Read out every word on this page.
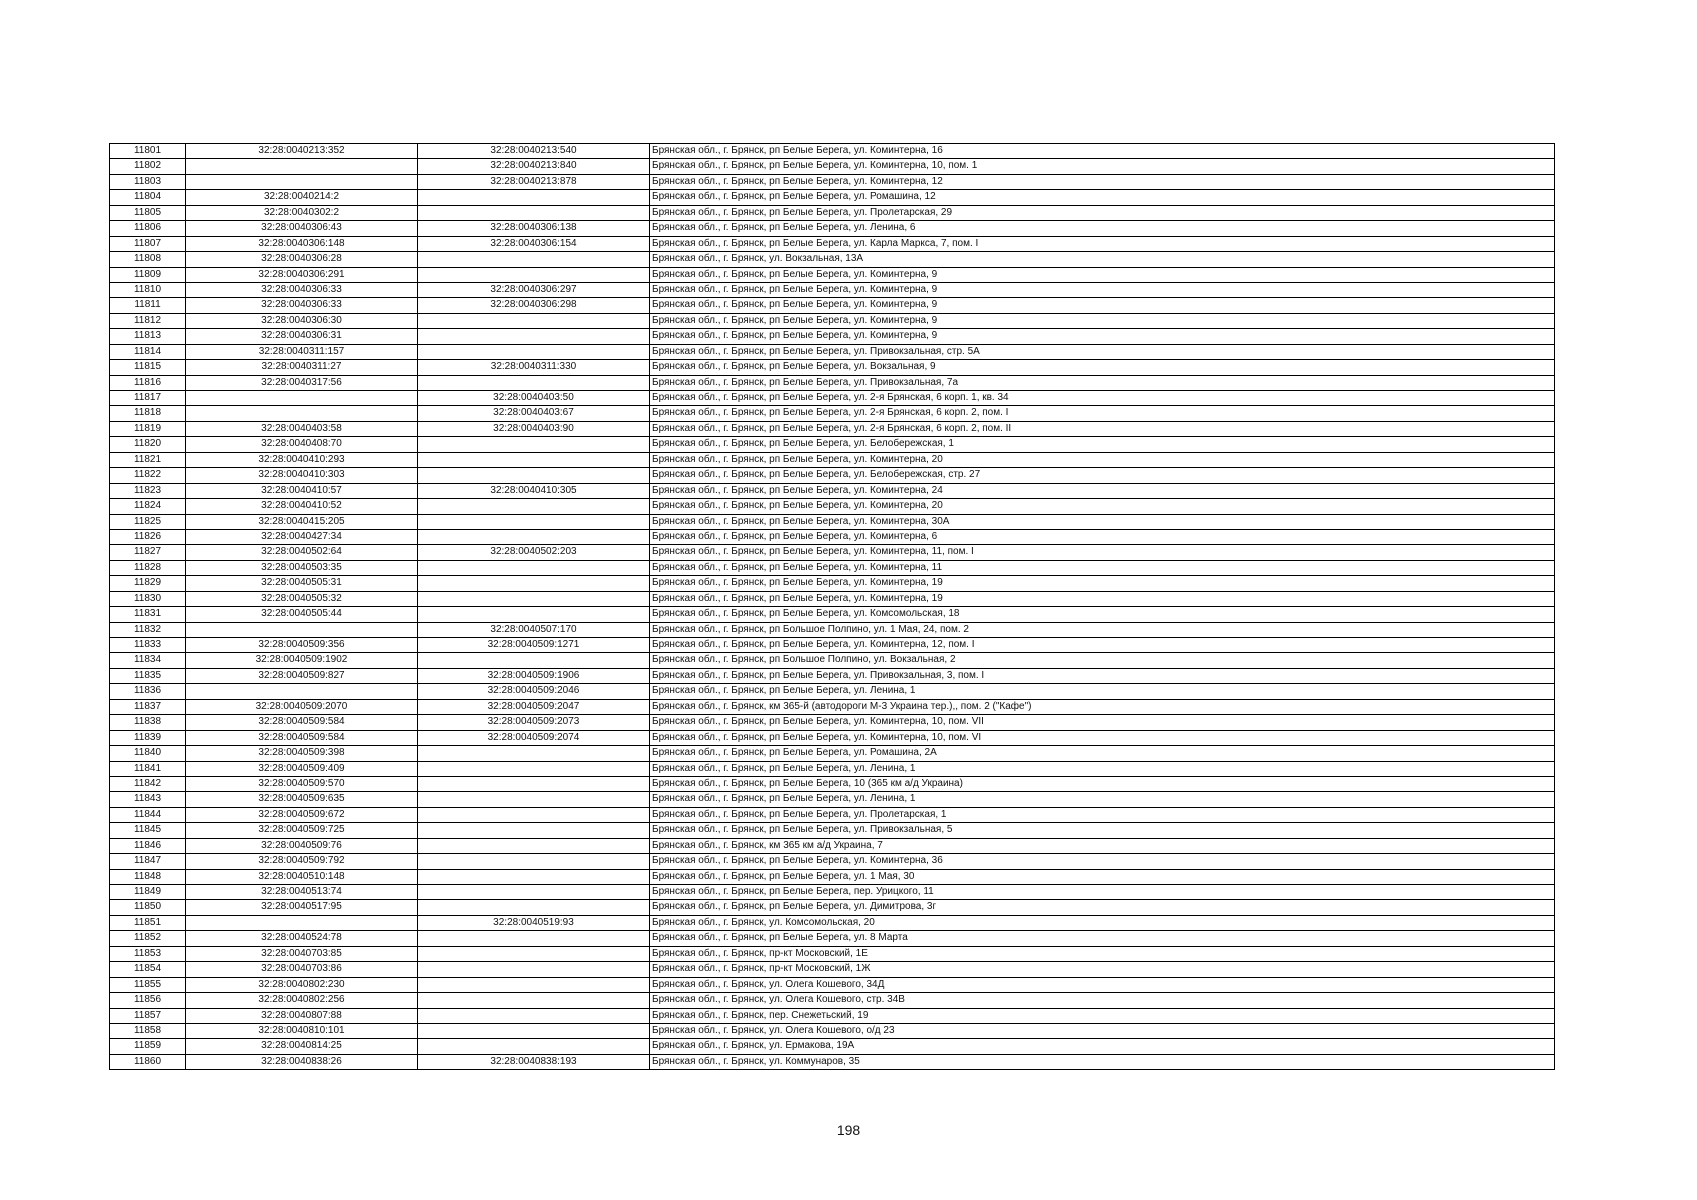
11801	32:28:0040213:352	32:28:0040213:540	Брянская обл., г. Брянск, рп Белые Берега, ул. Коминтерна, 16
11802		32:28:0040213:840	Брянская обл., г. Брянск, рп Белые Берега, ул. Коминтерна, 10, пом. 1
11803		32:28:0040213:878	Брянская обл., г. Брянск, рп Белые Берега, ул. Коминтерна, 12
11804	32:28:0040214:2		Брянская обл., г. Брянск, рп Белые Берега, ул. Ромашина, 12
11805	32:28:0040302:2		Брянская обл., г. Брянск, рп Белые Берега, ул. Пролетарская, 29
11806	32:28:0040306:43	32:28:0040306:138	Брянская обл., г. Брянск, рп Белые Берега, ул. Ленина, 6
11807	32:28:0040306:148	32:28:0040306:154	Брянская обл., г. Брянск, рп Белые Берега, ул. Карла Маркса, 7, пом. I
11808	32:28:0040306:28		Брянская обл., г. Брянск, ул. Вокзальная, 13А
11809	32:28:0040306:291		Брянская обл., г. Брянск, рп Белые Берега, ул. Коминтерна, 9
11810	32:28:0040306:33	32:28:0040306:297	Брянская обл., г. Брянск, рп Белые Берега, ул. Коминтерна, 9
11811	32:28:0040306:33	32:28:0040306:298	Брянская обл., г. Брянск, рп Белые Берега, ул. Коминтерна, 9
11812	32:28:0040306:30		Брянская обл., г. Брянск, рп Белые Берега, ул. Коминтерна, 9
11813	32:28:0040306:31		Брянская обл., г. Брянск, рп Белые Берега, ул. Коминтерна, 9
11814	32:28:0040311:157		Брянская обл., г. Брянск, рп Белые Берега, ул. Привокзальная, стр. 5А
11815	32:28:0040311:27	32:28:0040311:330	Брянская обл., г. Брянск, рп Белые Берега, ул. Вокзальная, 9
11816	32:28:0040317:56		Брянская обл., г. Брянск, рп Белые Берега, ул. Привокзальная, 7а
11817		32:28:0040403:50	Брянская обл., г. Брянск, рп Белые Берега, ул. 2-я Брянская, 6 корп. 1, кв. 34
11818		32:28:0040403:67	Брянская обл., г. Брянск, рп Белые Берега, ул. 2-я Брянская, 6 корп. 2, пом. I
11819	32:28:0040403:58	32:28:0040403:90	Брянская обл., г. Брянск, рп Белые Берега, ул. 2-я Брянская, 6 корп. 2, пом. II
11820	32:28:0040408:70		Брянская обл., г. Брянск, рп Белые Берега, ул. Белобережская, 1
11821	32:28:0040410:293		Брянская обл., г. Брянск, рп Белые Берега, ул. Коминтерна, 20
11822	32:28:0040410:303		Брянская обл., г. Брянск, рп Белые Берега, ул. Белобережская, стр. 27
11823	32:28:0040410:57	32:28:0040410:305	Брянская обл., г. Брянск, рп Белые Берега, ул. Коминтерна, 24
11824	32:28:0040410:52		Брянская обл., г. Брянск, рп Белые Берега, ул. Коминтерна, 20
11825	32:28:0040415:205		Брянская обл., г. Брянск, рп Белые Берега, ул. Коминтерна, 30А
11826	32:28:0040427:34		Брянская обл., г. Брянск, рп Белые Берега, ул. Коминтерна, 6
11827	32:28:0040502:64	32:28:0040502:203	Брянская обл., г. Брянск, рп Белые Берега, ул. Коминтерна, 11, пом. I
11828	32:28:0040503:35		Брянская обл., г. Брянск, рп Белые Берега, ул. Коминтерна, 11
11829	32:28:0040505:31		Брянская обл., г. Брянск, рп Белые Берега, ул. Коминтерна, 19
11830	32:28:0040505:32		Брянская обл., г. Брянск, рп Белые Берега, ул. Коминтерна, 19
11831	32:28:0040505:44		Брянская обл., г. Брянск, рп Белые Берега, ул. Комсомольская, 18
11832		32:28:0040507:170	Брянская обл., г. Брянск, рп Большое Полпино, ул. 1 Мая, 24, пом. 2
11833	32:28:0040509:356	32:28:0040509:1271	Брянская обл., г. Брянск, рп Белые Берега, ул. Коминтерна, 12, пом. I
11834	32:28:0040509:1902		Брянская обл., г. Брянск, рп Большое Полпино, ул. Вокзальная, 2
11835	32:28:0040509:827	32:28:0040509:1906	Брянская обл., г. Брянск, рп Белые Берега, ул. Привокзальная, 3, пом. I
11836		32:28:0040509:2046	Брянская обл., г. Брянск, рп Белые Берега, ул. Ленина, 1
11837	32:28:0040509:2070	32:28:0040509:2047	Брянская обл., г. Брянск, км 365-й (автодороги М-3 Украина тер.),, пом. 2 ("Кафе")
11838	32:28:0040509:584	32:28:0040509:2073	Брянская обл., г. Брянск, рп Белые Берега, ул. Коминтерна, 10, пом. VII
11839	32:28:0040509:584	32:28:0040509:2074	Брянская обл., г. Брянск, рп Белые Берега, ул. Коминтерна, 10, пом. VI
11840	32:28:0040509:398		Брянская обл., г. Брянск, рп Белые Берега, ул. Ромашина, 2А
11841	32:28:0040509:409		Брянская обл., г. Брянск, рп Белые Берега, ул. Ленина, 1
11842	32:28:0040509:570		Брянская обл., г. Брянск, рп Белые Берега, 10 (365 км а/д Украина)
11843	32:28:0040509:635		Брянская обл., г. Брянск, рп Белые Берега, ул. Ленина, 1
11844	32:28:0040509:672		Брянская обл., г. Брянск, рп Белые Берега, ул. Пролетарская, 1
11845	32:28:0040509:725		Брянская обл., г. Брянск, рп Белые Берега, ул. Привокзальная, 5
11846	32:28:0040509:76		Брянская обл., г. Брянск, км 365 км а/д Украина, 7
11847	32:28:0040509:792		Брянская обл., г. Брянск, рп Белые Берега, ул. Коминтерна, 36
11848	32:28:0040510:148		Брянская обл., г. Брянск, рп Белые Берега, ул. 1 Мая, 30
11849	32:28:0040513:74		Брянская обл., г. Брянск, рп Белые Берега, пер. Урицкого, 11
11850	32:28:0040517:95		Брянская обл., г. Брянск, рп Белые Берега, ул. Димитрова, 3г
11851		32:28:0040519:93	Брянская обл., г. Брянск, ул. Комсомольская, 20
11852	32:28:0040524:78		Брянская обл., г. Брянск, рп Белые Берега, ул. 8 Марта
11853	32:28:0040703:85		Брянская обл., г. Брянск, пр-кт Московский, 1Е
11854	32:28:0040703:86		Брянская обл., г. Брянск, пр-кт Московский, 1Ж
11855	32:28:0040802:230		Брянская обл., г. Брянск, ул. Олега Кошевого, 34Д
11856	32:28:0040802:256		Брянская обл., г. Брянск, ул. Олега Кошевого, стр. 34В
11857	32:28:0040807:88		Брянская обл., г. Брянск, пер. Снежетьский, 19
11858	32:28:0040810:101		Брянская обл., г. Брянск, ул. Олега Кошевого, о/д 23
11859	32:28:0040814:25		Брянская обл., г. Брянск, ул. Ермакова, 19А
11860	32:28:0040838:26	32:28:0040838:193	Брянская обл., г. Брянск, ул. Коммунаров, 35
198
